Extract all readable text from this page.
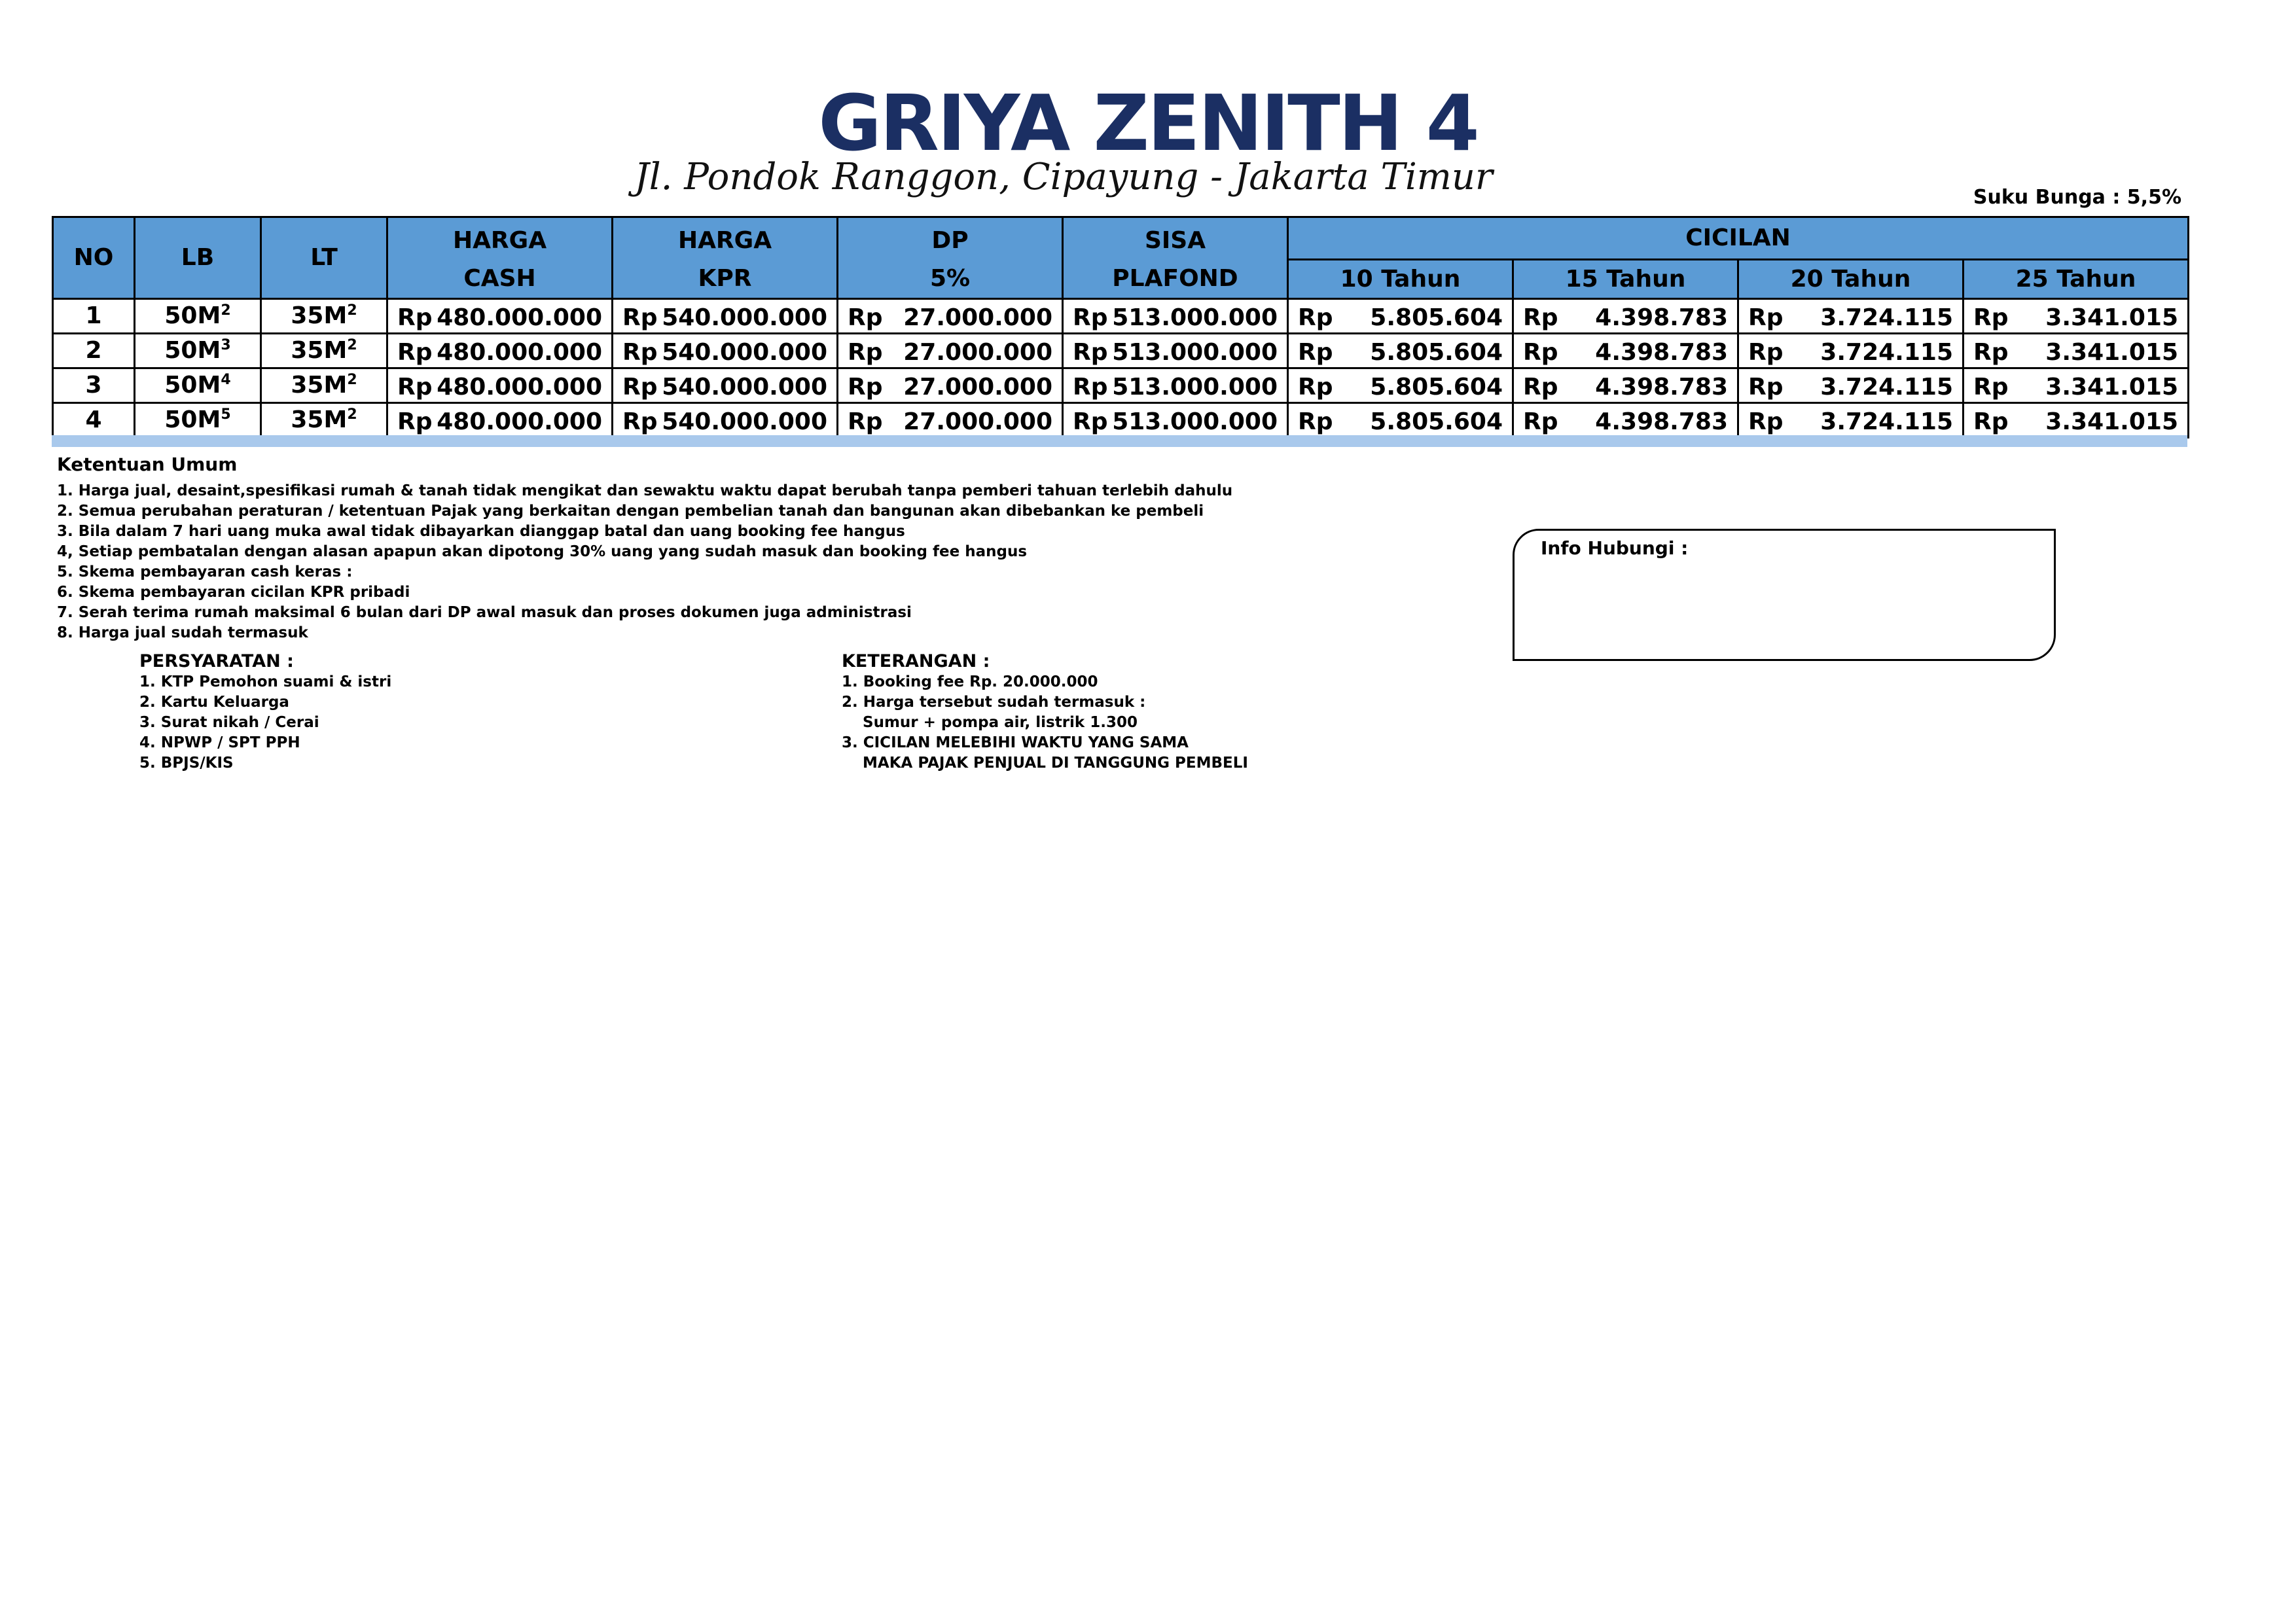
GRIYA ZENITH 4
Jl. Pondok Ranggon, Cipayung - Jakarta Timur	Suku Bunga : 5,5%
NO	LB	LT	HARGA	HARGA	DP	SISA	CICILAN			
			CASH	KPR	5%	PLAFOND	10 Tahun	15 Tahun	20 Tahun	25 Tahun
1	$50M^2$	$35M^2$	Rp 480.000.000	Rp 540.000.000	Rp 27.000.000	Rp 513.000.000	Rp 5.805.604	Rp 4.398.783	Rp 3.724.115	Rp 3.341.015

2	$50M^3$	$35M^2$	Rp 480.000.000	Rp 540.000.000	Rp 27.000.000	Rp 513.000.000	Rp 5.805.604	Rp 4.398.783	Rp 3.724.115	Rp 3.341.015

3	$50M^4$	$35M^2$	Rp 480.000.000	Rp 540.000.000	Rp 27.000.000	Rp 513.000.000	Rp 5.805.604	Rp 4.398.783	Rp 3.724.115	Rp 3.341.015

4	$50M^5$	$35M^2$	Rp 480.000.000	Rp 540.000.000	Rp 27.000.000	Rp 513.000.000	Rp 5.805.604	Rp 4.398.783	Rp 3.724.115	Rp 3.341.015
Ketentuan Umum
1. Harga jual, desaint,spesifikasi rumah & tanah tidak mengikat dan sewaktu waktu dapat berubah tanpa pemberi tahuan terlebih dahulu
2. Semua perubahan peraturan / ketentuan Pajak yang berkaitan dengan pembelian tanah dan bangunan akan dibebankan ke pembeli
3. Bila dalam 7 hari uang muka awal tidak dibayarkan dianggap batal dan uang booking fee hangus
4, Setiap pembatalan dengan alasan apapun akan dipotong 30% uang yang sudah masuk dan booking fee hangus
5. Skema pembayaran cash keras :
6. Skema pembayaran cicilan KPR pribadi
7. Serah terima rumah maksimal 6 bulan dari DP awal masuk dan proses dokumen juga administrasi
8. Harga jual sudah termasuk
PERSYARATAN :
1. KTP Pemohon suami & istri
2. Kartu Keluarga
3. Surat nikah / Cerai
4. NPWP / SPT PPH
5. BPJS/KIS
KETERANGAN :
1. Booking fee Rp. 20.000.000
2. Harga tersebut sudah termasuk :
Sumur + pompa air, listrik 1.300
3. CICILAN MELEBIHI WAKTU YANG SAMA
MAKA PAJAK PENJUAL DI TANGGUNG PEMBELI
Info Hubungi :
